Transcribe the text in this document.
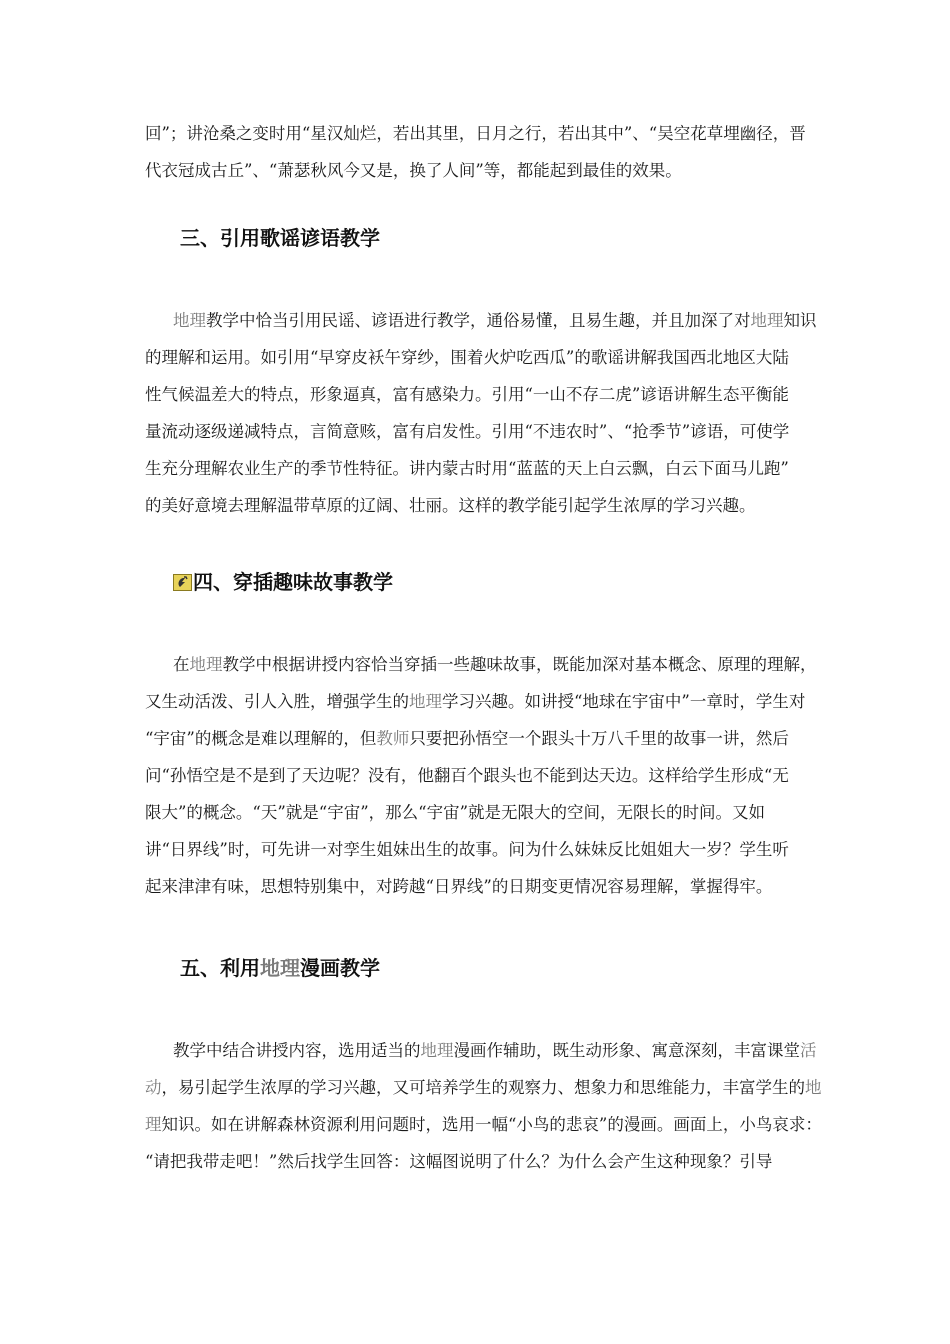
回”；讲沧桑之变时用“星汉灿烂，若出其里，日月之行，若出其中”、“吴空花草埋幽径，晋
代衣冠成古丘”、“萧瑟秋风今又是，换了人间”等，都能起到最佳的效果。
三、引用歌谣谚语教学
地理教学中恰当引用民谣、谚语进行教学，通俗易懂，且易生趣，并且加深了对地理知识
的理解和运用。如引用“早穿皮袄午穿纱，围着火炉吃西瓜”的歌谣讲解我国西北地区大陆
性气候温差大的特点，形象逼真，富有感染力。引用“一山不存二虎”谚语讲解生态平衡能
量流动逐级递减特点，言简意赅，富有启发性。引用“不违农时”、“抢季节”谚语，可使学
生充分理解农业生产的季节性特征。讲内蒙古时用“蓝蓝的天上白云飘，白云下面马儿跑”
的美好意境去理解温带草原的辽阔、壮丽。这样的教学能引起学生浓厚的学习兴趣。
四、穿插趣味故事教学
在地理教学中根据讲授内容恰当穿插一些趣味故事，既能加深对基本概念、原理的理解，
又生动活泼、引人入胜，增强学生的地理学习兴趣。如讲授“地球在宇宙中”一章时，学生对
“宇宙”的概念是难以理解的，但教师只要把孙悟空一个跟头十万八千里的故事一讲，然后
问“孙悟空是不是到了天边呢？没有，他翻百个跟头也不能到达天边。这样给学生形成“无
限大”的概念。“天”就是“宇宙”，那么“宇宙”就是无限大的空间，无限长的时间。又如
讲“日界线”时，可先讲一对孪生姐妹出生的故事。问为什么妹妹反比姐姐大一岁？学生听
起来津津有味，思想特别集中，对跨越“日界线”的日期变更情况容易理解，掌握得牢。
五、利用地理漫画教学
教学中结合讲授内容，选用适当的地理漫画作辅助，既生动形象、寓意深刻，丰富课堂活
动，易引起学生浓厚的学习兴趣，又可培养学生的观察力、想象力和思维能力，丰富学生的地
理知识。如在讲解森林资源利用问题时，选用一幅“小鸟的悲哀”的漫画。画面上，小鸟哀求：
“请把我带走吧！”然后找学生回答：这幅图说明了什么？为什么会产生这种现象？引导
